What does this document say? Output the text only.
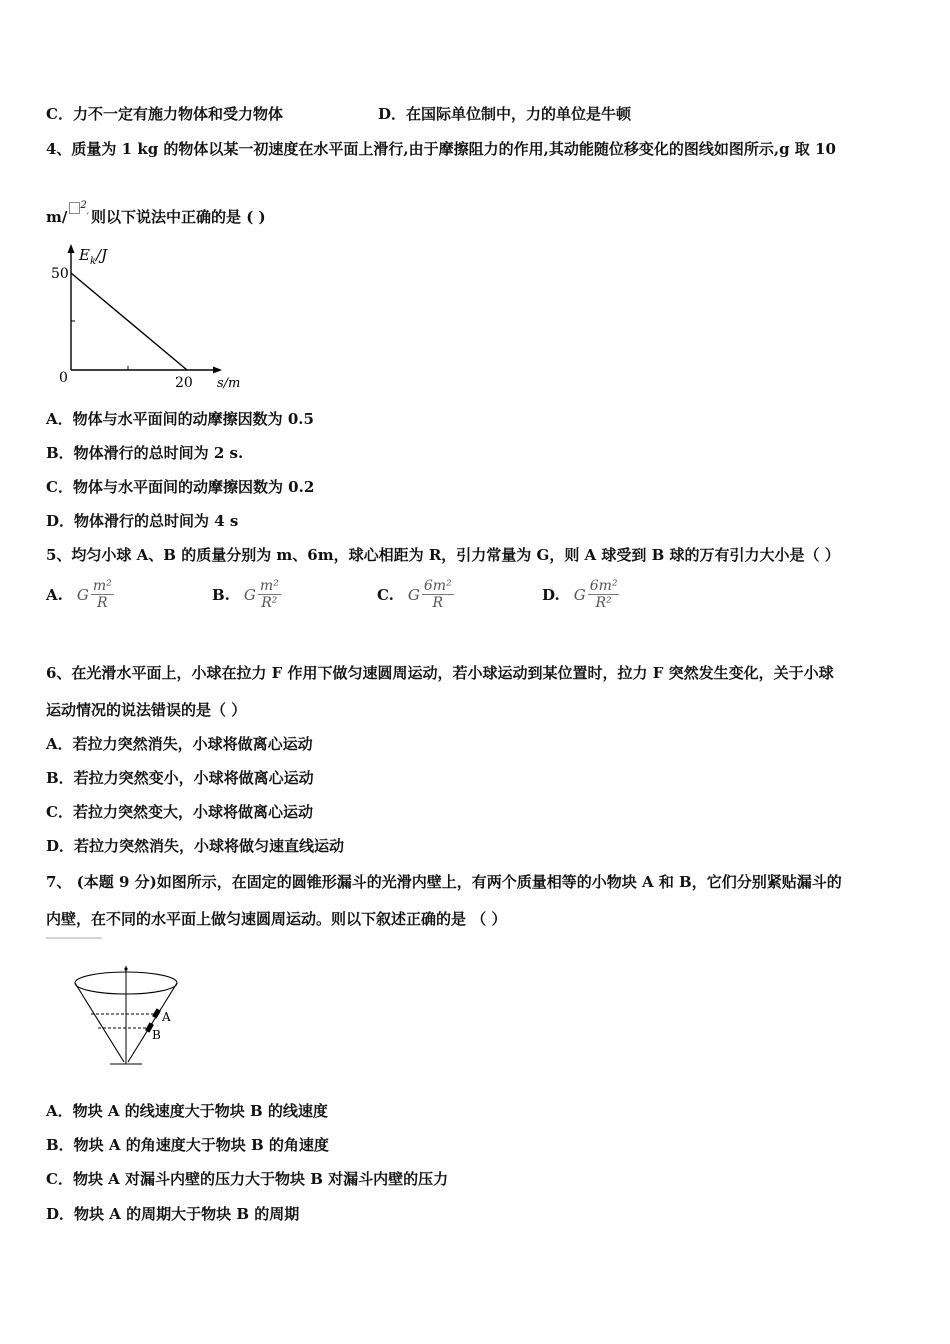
C．力不一定有施力物体和受力物体	D．在国际单位制中，力的单位是牛顿
4、质量为 1 kg 的物体以某一初速度在水平面上滑行,由于摩擦阻力的作用,其动能随位移变化的图线如图所示,g 取 10
m/$^2$′ 则以下说法中正确的是 ( )
50
0	20 s/m
$E_k/J$
A．物体与水平面间的动摩擦因数为 0.5
B．物体滑行的总时间为 2 s.
C．物体与水平面间的动摩擦因数为 0.2
D．物体滑行的总时间为 4 s
5、均匀小球 A、B 的质量分别为 m、6m，球心相距为 R，引力常量为 G，则 A 球受到 B 球的万有引力大小是（ ）
A. G $\frac{\text{m²}}{R}$	B. G $\frac{\text{m²}}{\text{R²}}$	C. G $\frac{\text{6m²}}{R}$	D. G $\frac{\text{6m²}}{\text{R²}}$
6、在光滑水平面上，小球在拉力 F 作用下做匀速圆周运动，若小球运动到某位置时，拉力 F 突然发生变化，关于小球
运动情况的说法错误的是（ ）
A．若拉力突然消失，小球将做离心运动
B．若拉力突然变小，小球将做离心运动
C．若拉力突然变大，小球将做离心运动
D．若拉力突然消失，小球将做匀速直线运动
7、 (本题 9 分)如图所示，在固定的圆锥形漏斗的光滑内壁上，有两个质量相等的小物块 A 和 B，它们分别紧贴漏斗的
内壁，在不同的水平面上做匀速圆周运动。则以下叙述正确的是 （ ）
A
B
A．物块 A 的线速度大于物块 B 的线速度
B．物块 A 的角速度大于物块 B 的角速度
C．物块 A 对漏斗内壁的压力大于物块 B 对漏斗内壁的压力
D．物块 A 的周期大于物块 B 的周期
